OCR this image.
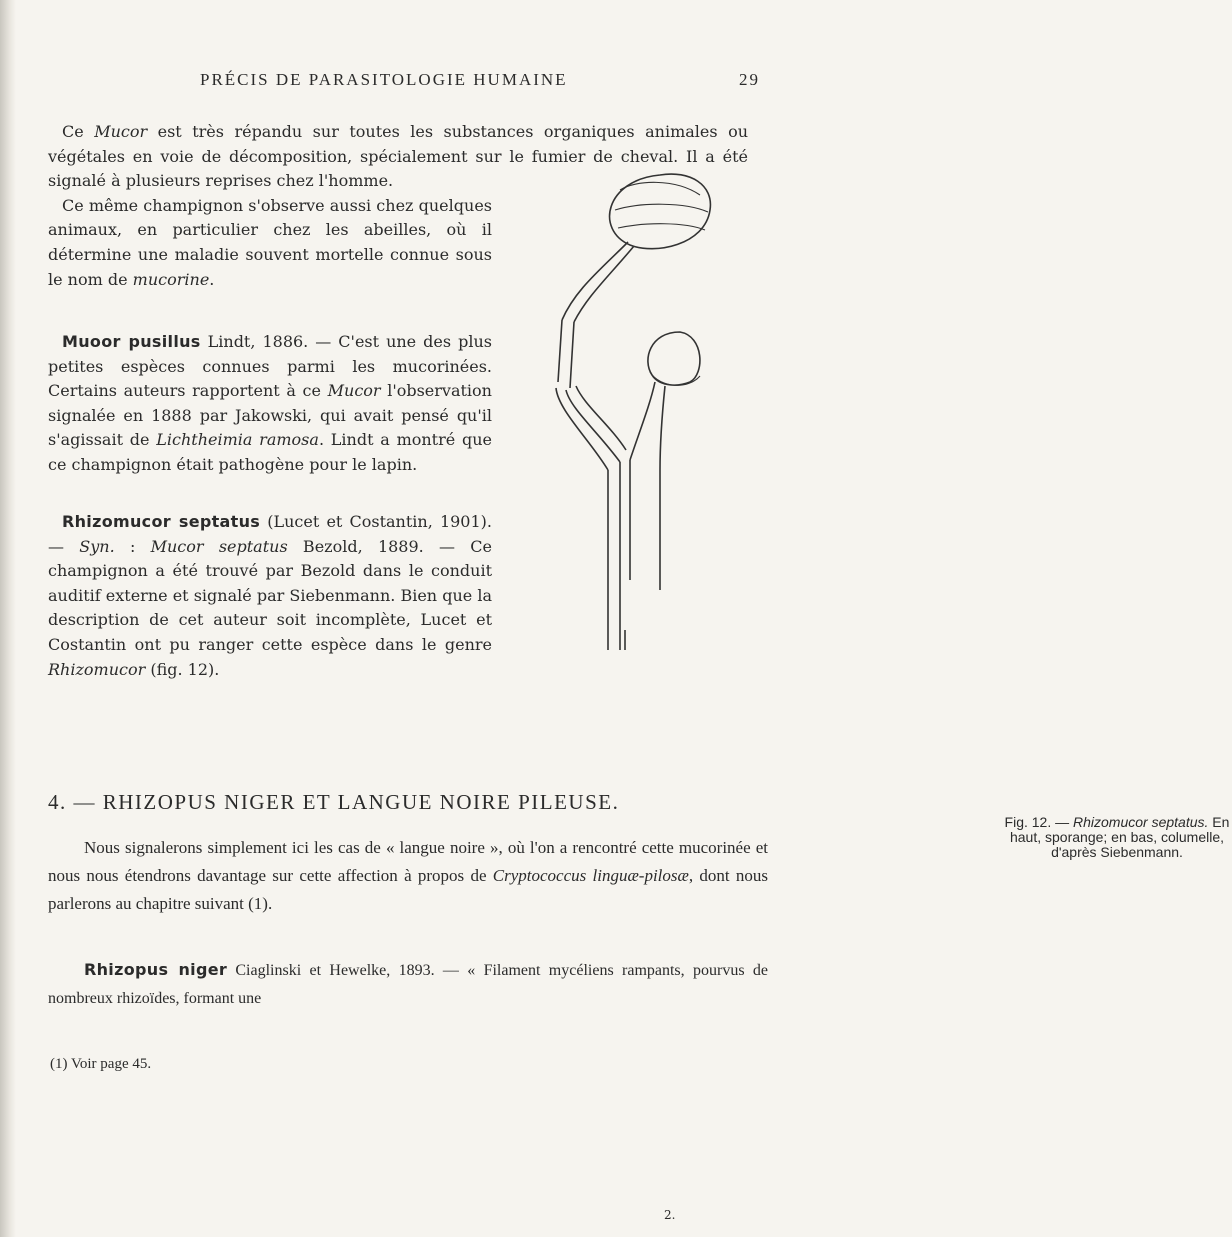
PRÉCIS DE PARASITOLOGIE HUMAINE	29

Ce Mucor est très répandu sur toutes les substances organiques animales ou végétales en voie de décomposition, spécialement sur le fumier de cheval. Il a été signalé à plusieurs reprises chez l'homme.

Ce même champignon s'observe aussi chez quelques animaux, en particulier chez les abeilles, où il détermine une maladie souvent mortelle connue sous le nom de mucorine.

Muoor pusillus Lindt, 1886. — C'est une des plus petites espèces connues parmi les mucorinées. Certains auteurs rapportent à ce Mucor l'observation signalée en 1888 par Jakowski, qui avait pensé qu'il s'agissait de Lichtheimia ramosa. Lindt a montré que ce champignon était pathogène pour le lapin.

Rhizomucor septatus (Lucet et Costantin, 1901). — Syn. : Mucor septatus Bezold, 1889. — Ce champignon a été trouvé par Bezold dans le conduit auditif externe et signalé par Siebenmann. Bien que la description de cet auteur soit incomplète, Lucet et Costantin ont pu ranger cette espèce dans le genre Rhizomucor (fig. 12).

Fig. 12. — Rhizomucor septatus. En haut, sporange; en bas, columelle, d'après Siebenmann.
4. — RHIZOPUS NIGER ET LANGUE NOIRE PILEUSE.

Nous signalerons simplement ici les cas de « langue noire », où l'on a rencontré cette mucorinée et nous nous étendrons davantage sur cette affection à propos de Cryptococcus linguæ-pilosæ, dont nous parlerons au chapitre suivant (1).

Rhizopus niger Ciaglinski et Hewelke, 1893. — « Filament mycéliens rampants, pourvus de nombreux rhizoïdes, formant une

(1) Voir page 45.
2.
